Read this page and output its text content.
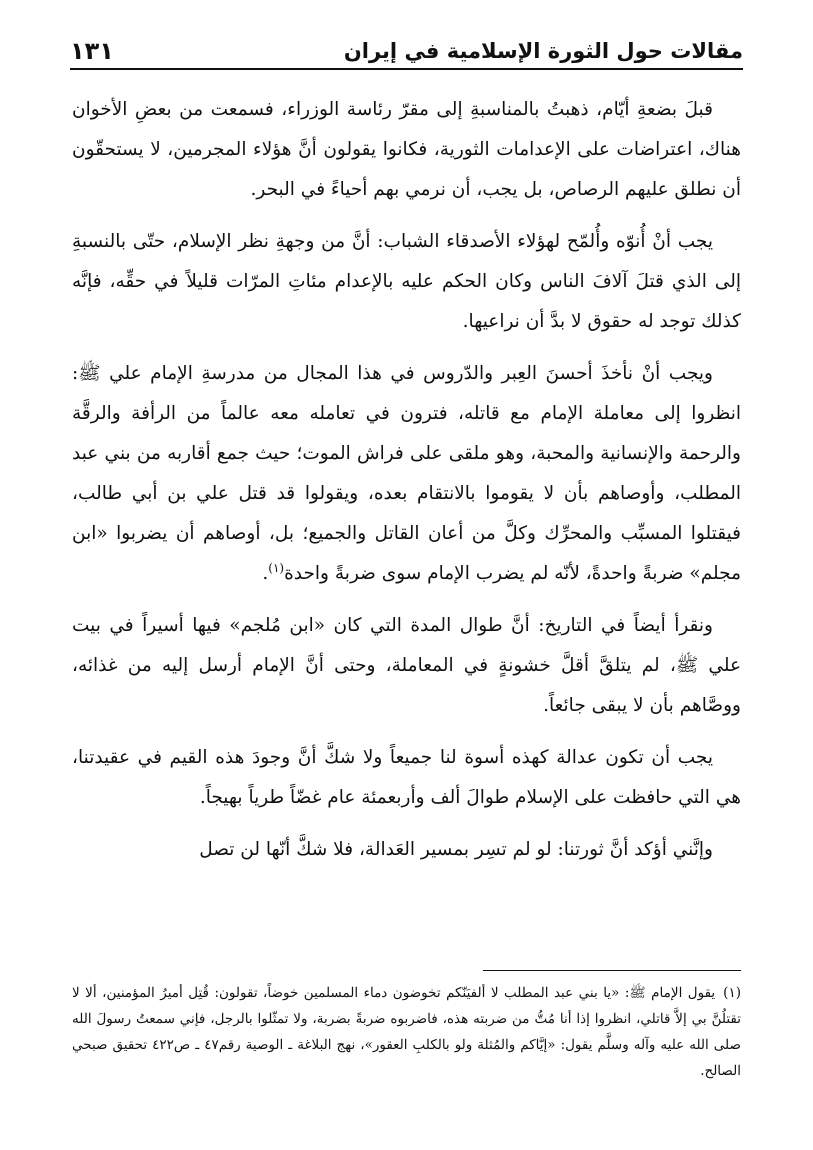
مقالات حول الثورة الإسلامية في إيران
١٣١

قبلَ بضعةِ أيّام، ذهبتُ بالمناسبةِ إلى مقرّ رئاسة الوزراء، فسمعت من بعضِ الأخوان هناك، اعتراضات على الإعدامات الثورية، فكانوا يقولون أنَّ هؤلاء المجرمين، لا يستحقّون أن نطلق عليهم الرصاص، بل يجب، أن نرمي بهم أحياءً في البحر.

يجب أنْ أُنوّه وأُلمّح لهؤلاء الأصدقاء الشباب: أنَّ من وجهةِ نظر الإسلام، حتّى بالنسبةِ إلى الذي قتلَ آلافَ الناس وكان الحكم عليه بالإعدام مئاتِ المرّات قليلاً في حقِّه، فإنَّه كذلك توجد له حقوق لا بدَّ أن نراعيها.

ويجب أنْ نأخذَ أحسنَ العِبر والدّروس في هذا المجال من مدرسةِ الإمام علي ﷺ: انظروا إلى معاملة الإمام مع قاتله، فترون في تعامله معه عالماً من الرأفة والرقَّة والرحمة والإنسانية والمحبة، وهو ملقى على فراش الموت؛ حيث جمع أقاربه من بني عبد المطلب، وأوصاهم بأن لا يقوموا بالانتقام بعده، ويقولوا قد قتل علي بن أبي طالب، فيقتلوا المسبِّب والمحرِّك وكلَّ من أعان القاتل والجميع؛ بل، أوصاهم أن يضربوا «ابن مجلم» ضربةً واحدةً، لأنّه لم يضرب الإمام سوى ضربةً واحدة$^{(١)}$.

ونقرأ أيضاً في التاريخ: أنَّ طوال المدة التي كان «ابن مُلجم» فيها أسيراً في بيت علي ﷺ، لم يتلقَّ أقلَّ خشونةٍ في المعاملة، وحتى أنَّ الإمام أرسل إليه من غذائه، ووصَّاهم بأن لا يبقى جائعاً.

يجب أن تكون عدالة كهذه أسوة لنا جميعاً ولا شكَّ أنَّ وجودَ هذه القيم في عقيدتنا، هي التي حافظت على الإسلام طوالَ ألف وأربعمئة عام غضّاً طرياً بهيجاً.

وإنَّني أؤكد أنَّ ثورتنا: لو لم تسِر بمسير العَدالة، فلا شكَّ أنّها لن تصل

(١)يقول الإمام ﷺ: «يا بني عبد المطلب لا ألفيَنّكم تخوضون دماء المسلمين خوضاً، تقولون: قُتِل أميرُ المؤمنين، ألا لا تقتلُنَّ بي إلاَّ قاتلي، انظروا إذا أنا مُتُّ من ضربته هذه، فاضربوه ضربةً بضربة، ولا تمثّلوا بالرجل، فإني سمعتُ رسولَ الله صلى الله عليه وآله وسلَّم يقول: «إيَّاكم والمُثلة ولو بالكلبِ العقور»، نهج البلاغة ـ الوصية رقم٤٧ ـ ص٤٢٢ تحقيق صبحي الصالح.
